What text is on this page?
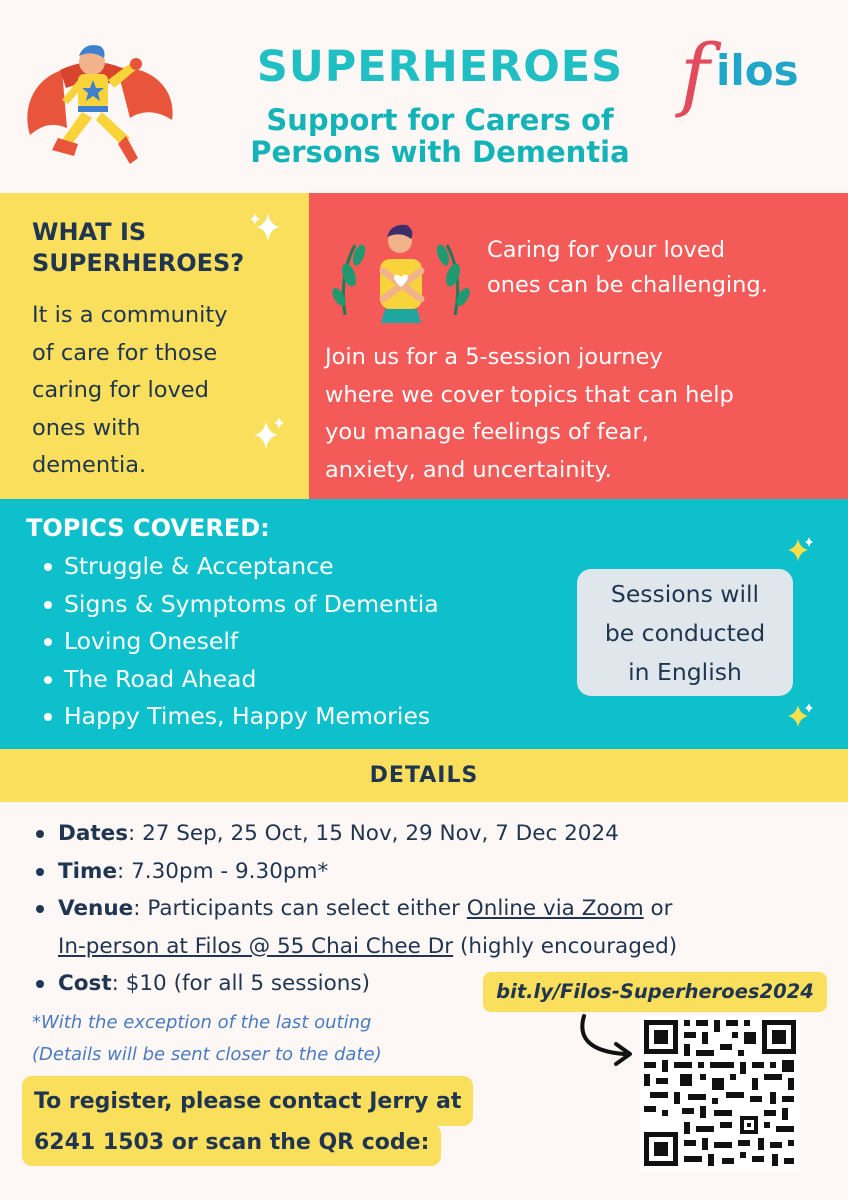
SUPERHEROES
Support for Carers of
Persons with Dementia
f ilos
WHAT IS
SUPERHEROES?

It is a community
of care for those
caring for loved
ones with
dementia.

Caring for your loved
ones can be challenging.
Join us for a 5-session journey
where we cover topics that can help
you manage feelings of fear,
anxiety, and uncertainity.
TOPICS COVERED:
Struggle & Acceptance
Signs & Symptoms of Dementia
Loving Oneself
The Road Ahead
Happy Times, Happy Memories
Sessions will
be conducted
in English
DETAILS
Dates: 27 Sep, 25 Oct, 15 Nov, 29 Nov, 7 Dec 2024
Time: 7.30pm - 9.30pm*
Venue: Participants can select either Online via Zoom or
In-person at Filos @ 55 Chai Chee Dr (highly encouraged)
Cost: $10 (for all 5 sessions)
*With the exception of the last outing
(Details will be sent closer to the date)
bit.ly/Filos-Superheroes2024
To register, please contact Jerry at
6241 1503 or scan the QR code:
